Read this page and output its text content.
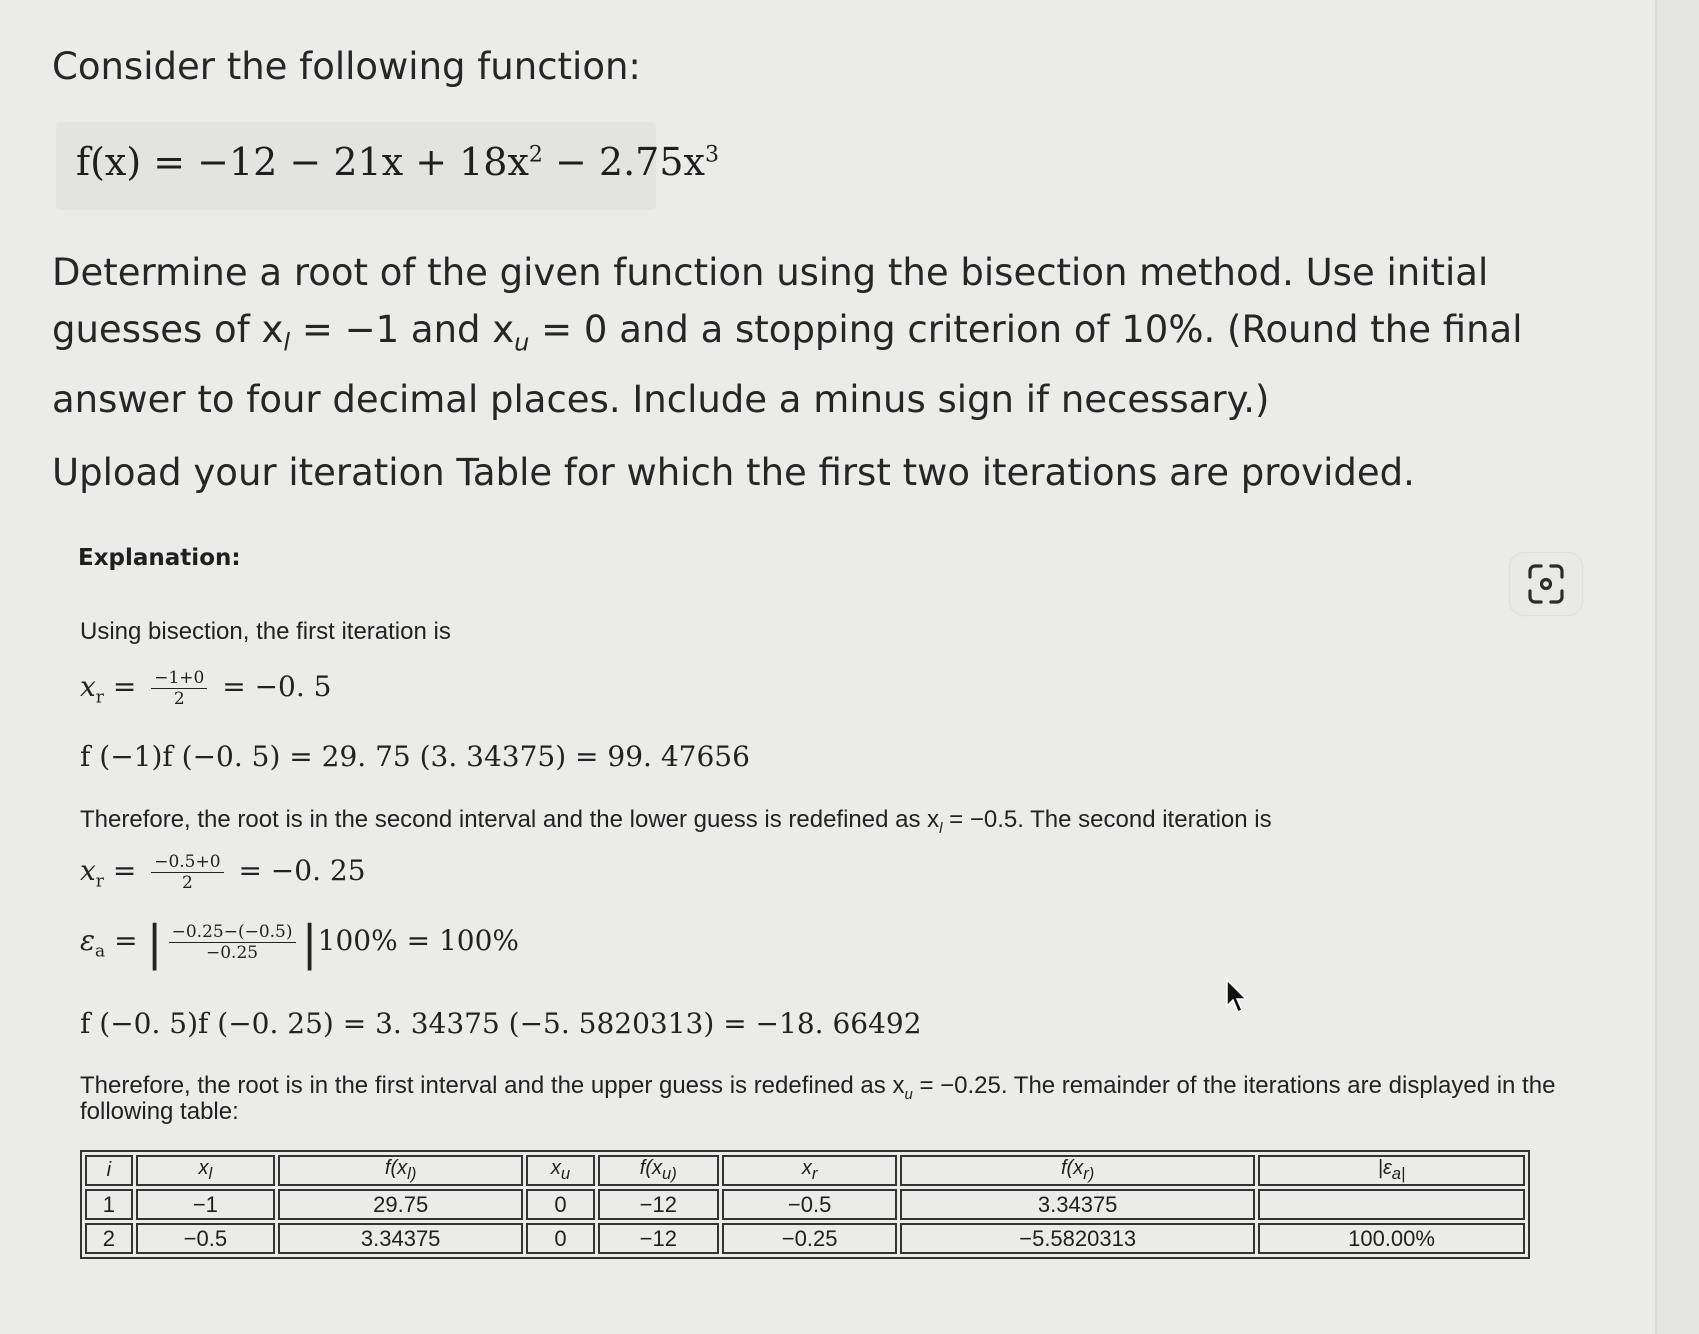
Consider the following function:
$f(x) = -12 - 21x + 18x^2 - 2.75x^3$
Determine a root of the given function using the bisection method. Use initial guesses of $x_l = -1$ and $x_u = 0$ and a stopping criterion of 10%. (Round the final answer to four decimal places. Include a minus sign if necessary.)
Upload your iteration Table for which the first two iterations are provided.
Explanation:
Using bisection, the first iteration is
$x_r = \frac{-1+0}{2} = -0$. 5
f (−1)f (−0. 5) = 29. 75 (3. 34375) = 99. 47656
Therefore, the root is in the second interval and the lower guess is redefined as $x_l = -0.5$. The second iteration is
$x_r = \frac{-0.5+0}{2} = -0$. 25
$\varepsilon_a$ = | $\frac{-0.25-(-0.5)}{-0.25} |100\% = 100\%$
f (−0. 5)f (−0. 25) = 3. 34375 (−5. 5820313) = −18. 66492
Therefore, the root is in the first interval and the upper guess is redefined as $x_u = -0.25$. The remainder of the iterations are displayed in the
following table:
i	$x_l$	$f(x_{l)}$	$x_u$	$f(x_{u)}$	$x_r$	$f(x_{r)}$	$|\varepsilon_{a|}$
1	−1	29.75	0	−12	−0.5	3.34375	
2	−0.5	3.34375	0	−12	−0.25	−5.5820313	100.00%
